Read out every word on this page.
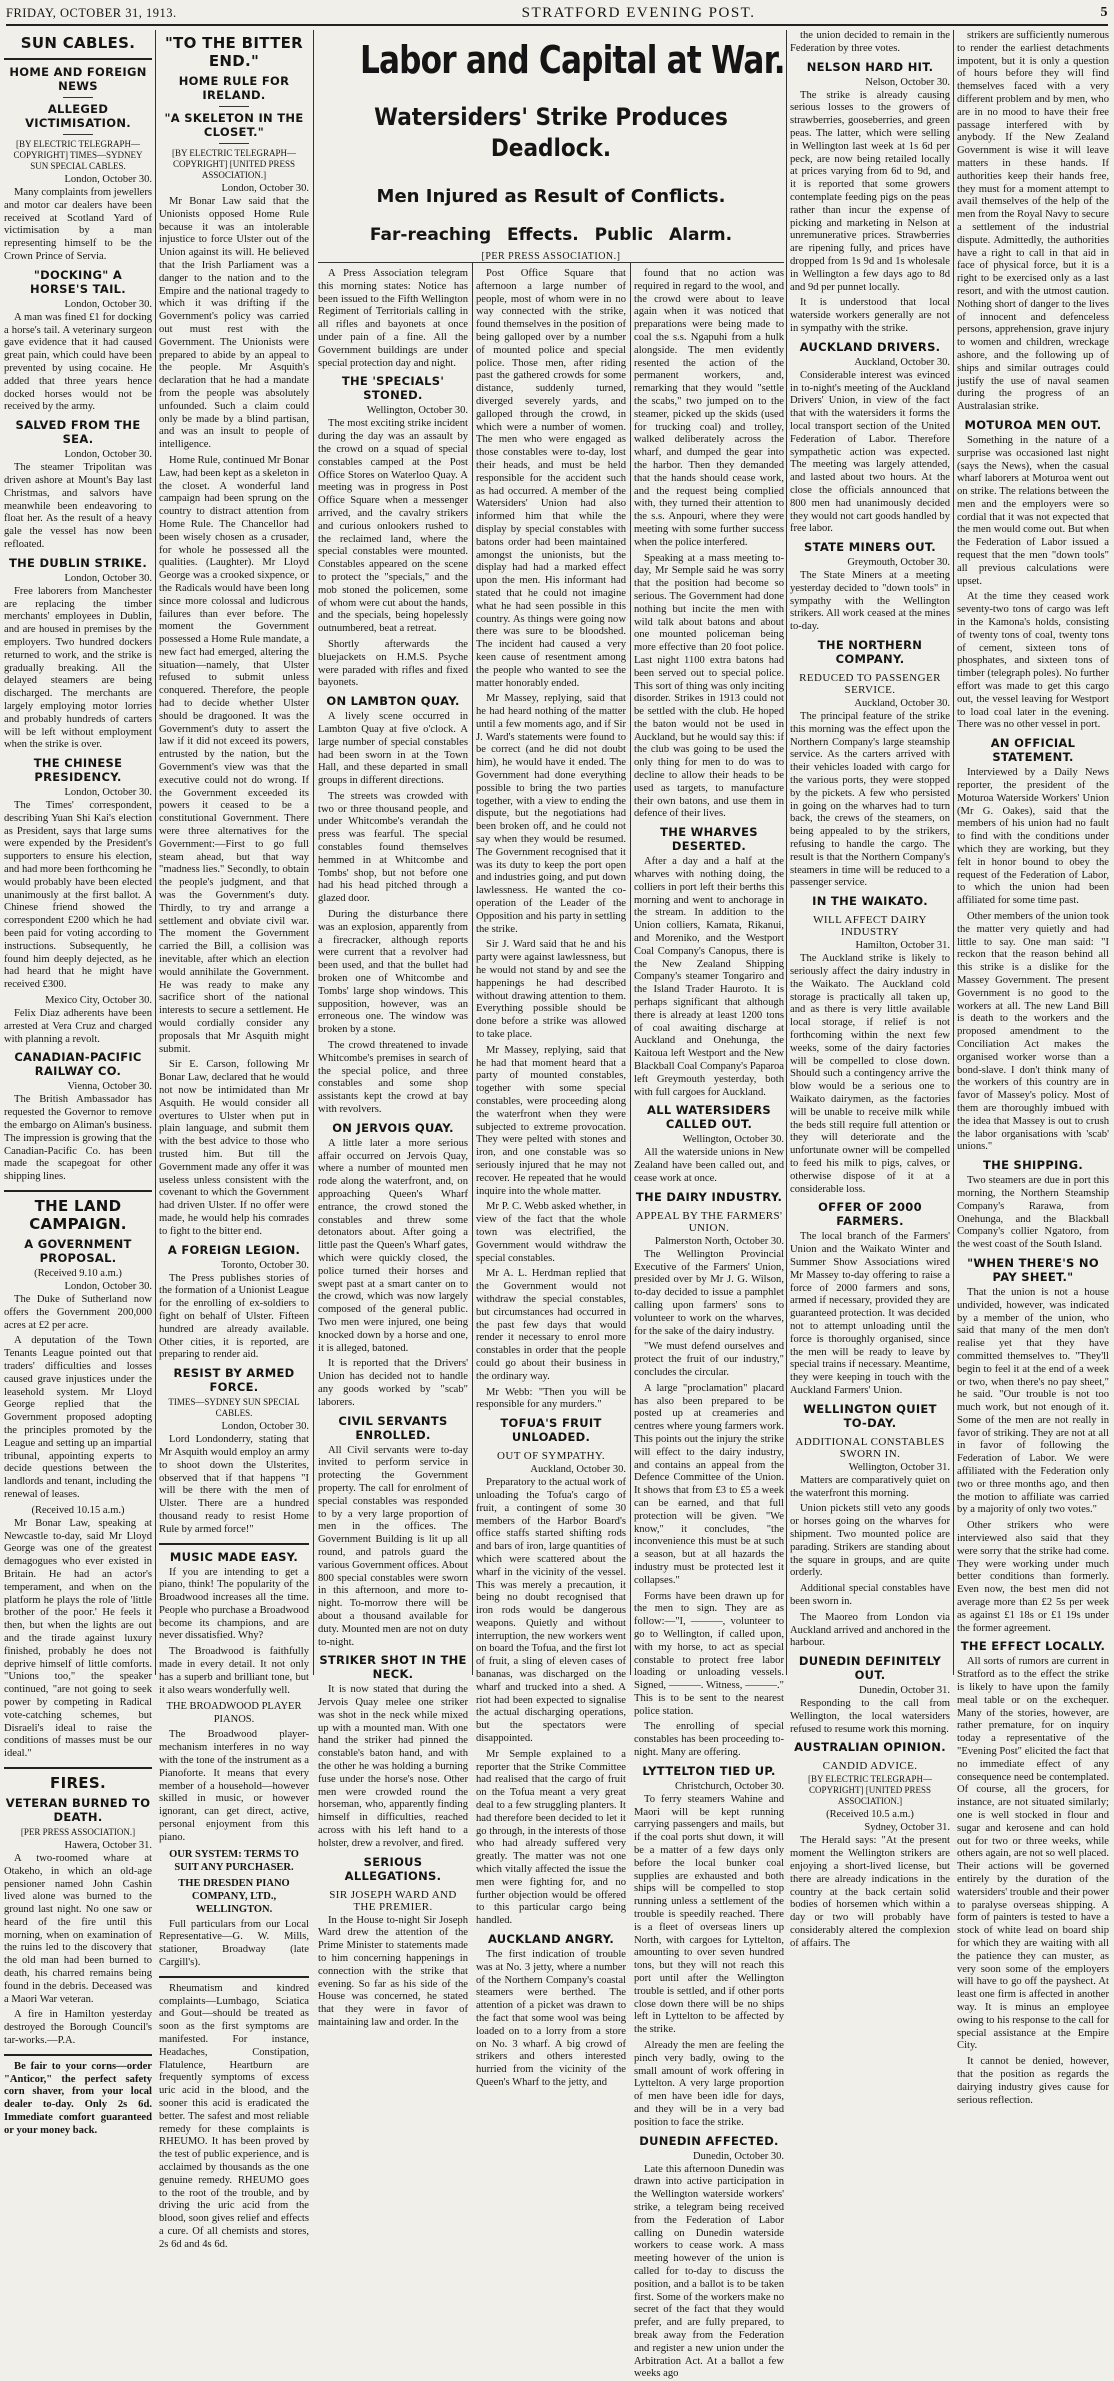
FRIDAY, OCTOBER 31, 1913.	STRATFORD EVENING POST.	5
Labor and Capital at War.
Watersiders' Strike Produces Deadlock.
Men Injured as Result of Conflicts.
Far-reaching Effects. Public Alarm.
[PER PRESS ASSOCIATION.]
SUN CABLES.
HOME AND FOREIGN NEWS
ALLEGED VICTIMISATION.
[BY ELECTRIC TELEGRAPH—COPYRIGHT] TIMES—SYDNEY SUN SPECIAL CABLES.
London, October 30.

Many complaints from jewellers and motor car dealers have been received at Scotland Yard of victimisation by a man representing himself to be the Crown Prince of Servia.

"DOCKING" A HORSE'S TAIL.
London, October 30.

A man was fined £1 for docking a horse's tail. A veterinary surgeon gave evidence that it had caused great pain, which could have been prevented by using cocaine. He added that three years hence docked horses would not be received by the army.

SALVED FROM THE SEA.
London, October 30.

The steamer Tripolitan was driven ashore at Mount's Bay last Christmas, and salvors have meanwhile been endeavoring to float her. As the result of a heavy gale the vessel has now been refloated.

THE DUBLIN STRIKE.
London, October 30.

Free laborers from Manchester are replacing the timber merchants' employees in Dublin, and are housed in premises by the employers. Two hundred dockers returned to work, and the strike is gradually breaking. All the delayed steamers are being discharged. The merchants are largely employing motor lorries and probably hundreds of carters will be left without employment when the strike is over.

THE CHINESE PRESIDENCY.
London, October 30.

The Times' correspondent, describing Yuan Shi Kai's election as President, says that large sums were expended by the President's supporters to ensure his election, and had more been forthcoming he would probably have been elected unanimously at the first ballot. A Chinese friend showed the correspondent £200 which he had been paid for voting according to instructions. Subsequently, he found him deeply dejected, as he had heard that he might have received £300.

Mexico City, October 30.

Felix Diaz adherents have been arrested at Vera Cruz and charged with planning a revolt.

CANADIAN-PACIFIC RAILWAY CO.
Vienna, October 30.

The British Ambassador has requested the Governor to remove the embargo on Aliman's business. The impression is growing that the Canadian-Pacific Co. has been made the scapegoat for other shipping lines.

THE LAND CAMPAIGN.
A GOVERNMENT PROPOSAL.
(Received 9.10 a.m.)
London, October 30.

The Duke of Sutherland now offers the Government 200,000 acres at £2 per acre.

A deputation of the Town Tenants League pointed out that traders' difficulties and losses caused grave injustices under the leasehold system. Mr Lloyd George replied that the Government proposed adopting the principles promoted by the League and setting up an impartial tribunal, appointing experts to decide questions between the landlords and tenant, including the renewal of leases.

(Received 10.15 a.m.)

Mr Bonar Law, speaking at Newcastle to-day, said Mr Lloyd George was one of the greatest demagogues who ever existed in Britain. He had an actor's temperament, and when on the platform he plays the role of 'little brother of the poor.' He feels it then, but when the lights are out and the tirade against luxury finished, probably he does not deprive himself of little comforts. "Unions too," the speaker continued, "are not going to seek power by competing in Radical vote-catching schemes, but Disraeli's ideal to raise the conditions of masses must be our ideal."

FIRES.
VETERAN BURNED TO DEATH.
[PER PRESS ASSOCIATION.]
Hawera, October 31.

A two-roomed whare at Otakeho, in which an old-age pensioner named John Cashin lived alone was burned to the ground last night. No one saw or heard of the fire until this morning, when on examination of the ruins led to the discovery that the old man had been burned to death, his charred remains being found in the debris. Deceased was a Maori War veteran.

A fire in Hamilton yesterday destroyed the Borough Council's tar-works.—P.A.

Be fair to your corns—order "Anticor," the perfect safety corn shaver, from your local dealer to-day. Only 2s 6d. Immediate comfort guaranteed or your money back.

"TO THE BITTER END."
HOME RULE FOR IRELAND.
"A SKELETON IN THE CLOSET."
[BY ELECTRIC TELEGRAPH—COPYRIGHT] [UNITED PRESS ASSOCIATION.]
London, October 30.

Mr Bonar Law said that the Unionists opposed Home Rule because it was an intolerable injustice to force Ulster out of the Union against its will. He believed that the Irish Parliament was a danger to the nation and to the Empire and the national tragedy to which it was drifting if the Government's policy was carried out must rest with the Government. The Unionists were prepared to abide by an appeal to the people. Mr Asquith's declaration that he had a mandate from the people was absolutely unfounded. Such a claim could only be made by a blind partisan, and was an insult to people of intelligence.

Home Rule, continued Mr Bonar Law, had been kept as a skeleton in the closet. A wonderful land campaign had been sprung on the country to distract attention from Home Rule. The Chancellor had been wisely chosen as a crusader, for whole he possessed all the qualities. (Laughter). Mr Lloyd George was a crooked sixpence, or the Radicals would have been long since more colossal and ludicrous failures than ever before. The moment the Government possessed a Home Rule mandate, a new fact had emerged, altering the situation—namely, that Ulster refused to submit unless conquered. Therefore, the people had to decide whether Ulster should be dragooned. It was the Government's duty to assert the law if it did not exceed its powers, entrusted by the nation, but the Government's view was that the executive could not do wrong. If the Government exceeded its powers it ceased to be a constitutional Government. There were three alternatives for the Government:—First to go full steam ahead, but that way "madness lies." Secondly, to obtain the people's judgment, and that was the Government's duty. Thirdly, to try and arrange a settlement and obviate civil war. The moment the Government carried the Bill, a collision was inevitable, after which an election would annihilate the Government. He was ready to make any sacrifice short of the national interests to secure a settlement. He would cordially consider any proposals that Mr Asquith might submit.

Sir E. Carson, following Mr Bonar Law, declared that he would not now be intimidated than Mr Asquith. He would consider all overtures to Ulster when put in plain language, and submit them with the best advice to those who trusted him. But till the Government made any offer it was useless unless consistent with the covenant to which the Government had driven Ulster. If no offer were made, he would help his comrades to fight to the bitter end.

A FOREIGN LEGION.
Toronto, October 30.

The Press publishes stories of the formation of a Unionist League for the enrolling of ex-soldiers to fight on behalf of Ulster. Fifteen hundred are already available. Other cities, it is reported, are preparing to render aid.

RESIST BY ARMED FORCE.
TIMES—SYDNEY SUN SPECIAL CABLES.
London, October 30.

Lord Londonderry, stating that Mr Asquith would employ an army to shoot down the Ulsterites, observed that if that happens "I will be there with the men of Ulster. There are a hundred thousand ready to resist Home Rule by armed force!"

MUSIC MADE EASY.

If you are intending to get a piano, think! The popularity of the Broadwood increases all the time. People who purchase a Broadwood become its champions, and are never dissatisfied. Why?

The Broadwood is faithfully made in every detail. It not only has a superb and brilliant tone, but it also wears wonderfully well.

THE BROADWOOD PLAYER PIANOS.

The Broadwood player-mechanism interferes in no way with the tone of the instrument as a Pianoforte. It means that every member of a household—however skilled in music, or however ignorant, can get direct, active, personal enjoyment from this piano.

OUR SYSTEM: TERMS TO SUIT ANY PURCHASER.
THE DRESDEN PIANO COMPANY, LTD., WELLINGTON.

Full particulars from our Local Representative—G. W. Mills, stationer, Broadway (late Cargill's).

Rheumatism and kindred complaints—Lumbago, Sciatica and Gout—should be treated as soon as the first symptoms are manifested. For instance, Headaches, Constipation, Flatulence, Heartburn are frequently symptoms of excess uric acid in the blood, and the sooner this acid is eradicated the better. The safest and most reliable remedy for these complaints is RHEUMO. It has been proved by the test of public experience, and is acclaimed by thousands as the one genuine remedy. RHEUMO goes to the root of the trouble, and by driving the uric acid from the blood, soon gives relief and effects a cure. Of all chemists and stores, 2s 6d and 4s 6d.

A Press Association telegram this morning states: Notice has been issued to the Fifth Wellington Regiment of Territorials calling in all rifles and bayonets at once under pain of a fine. All the Government buildings are under special protection day and night.

THE 'SPECIALS' STONED.
Wellington, October 30.

The most exciting strike incident during the day was an assault by the crowd on a squad of special constables camped at the Post Office Stores on Waterloo Quay. A meeting was in progress in Post Office Square when a messenger arrived, and the cavalry strikers and curious onlookers rushed to the reclaimed land, where the special constables were mounted. Constables appeared on the scene to protect the "specials," and the mob stoned the policemen, some of whom were cut about the hands, and the specials, being hopelessly outnumbered, beat a retreat.

Shortly afterwards the bluejackets on H.M.S. Psyche were paraded with rifles and fixed bayonets.

ON LAMBTON QUAY.

A lively scene occurred in Lambton Quay at five o'clock. A large number of special constables had been sworn in at the Town Hall, and these departed in small groups in different directions.

The streets was crowded with two or three thousand people, and under Whitcombe's verandah the press was fearful. The special constables found themselves hemmed in at Whitcombe and Tombs' shop, but not before one had his head pitched through a glazed door.

During the disturbance there was an explosion, apparently from a firecracker, although reports were current that a revolver had been used, and that the bullet had broken one of Whitcombe and Tombs' large shop windows. This supposition, however, was an erroneous one. The window was broken by a stone.

The crowd threatened to invade Whitcombe's premises in search of the special police, and three constables and some shop assistants kept the crowd at bay with revolvers.

ON JERVOIS QUAY.

A little later a more serious affair occurred on Jervois Quay, where a number of mounted men rode along the waterfront, and, on approaching Queen's Wharf entrance, the crowd stoned the constables and threw some detonators about. After going a little past the Queen's Wharf gates, which were quickly closed, the police turned their horses and swept past at a smart canter on to the crowd, which was now largely composed of the general public. Two men were injured, one being knocked down by a horse and one, it is alleged, batoned.

It is reported that the Drivers' Union has decided not to handle any goods worked by "scab" laborers.

CIVIL SERVANTS ENROLLED.

All Civil servants were to-day invited to perform service in protecting the Government property. The call for enrolment of special constables was responded to by a very large proportion of men in the offices. The Government Building is lit up all round, and patrols guard the various Government offices. About 800 special constables were sworn in this afternoon, and more to-night. To-morrow there will be about a thousand available for duty. Mounted men are not on duty to-night.

STRIKER SHOT IN THE NECK.

It is now stated that during the Jervois Quay melee one striker was shot in the neck while mixed up with a mounted man. With one hand the striker had pinned the constable's baton hand, and with the other he was holding a burning fuse under the horse's nose. Other men were crowded round the horseman, who, apparently finding himself in difficulties, reached across with his left hand to a holster, drew a revolver, and fired.

SERIOUS ALLEGATIONS.
SIR JOSEPH WARD AND THE PREMIER.

In the House to-night Sir Joseph Ward drew the attention of the Prime Minister to statements made to him concerning happenings in connection with the strike that evening. So far as his side of the House was concerned, he stated that they were in favor of maintaining law and order. In the

Post Office Square that afternoon a large number of people, most of whom were in no way connected with the strike, found themselves in the position of being galloped over by a number of mounted police and special police. Those men, after riding past the gathered crowds for some distance, suddenly turned, diverged severely yards, and galloped through the crowd, in which were a number of women. The men who were engaged as those constables were to-day, lost their heads, and must be held responsible for the accident such as had occurred. A member of the Watersiders' Union had also informed him that while the display by special constables with batons order had been maintained amongst the unionists, but the display had had a marked effect upon the men. His informant had stated that he could not imagine what he had seen possible in this country. As things were going now there was sure to be bloodshed. The incident had caused a very keen cause of resentment among the people who wanted to see the matter honorably ended.

Mr Massey, replying, said that he had heard nothing of the matter until a few moments ago, and if Sir J. Ward's statements were found to be correct (and he did not doubt him), he would have it ended. The Government had done everything possible to bring the two parties together, with a view to ending the dispute, but the negotiations had been broken off, and he could not say when they would be resumed. The Government recognised that it was its duty to keep the port open and industries going, and put down lawlessness. He wanted the co-operation of the Leader of the Opposition and his party in settling the strike.

Sir J. Ward said that he and his party were against lawlessness, but he would not stand by and see the happenings he had described without drawing attention to them. Everything possible should be done before a strike was allowed to take place.

Mr Massey, replying, said that he had that moment heard that a party of mounted constables, together with some special constables, were proceeding along the waterfront when they were subjected to extreme provocation. They were pelted with stones and iron, and one constable was so seriously injured that he may not recover. He repeated that he would inquire into the whole matter.

Mr P. C. Webb asked whether, in view of the fact that the whole town was electrified, the Government would withdraw the special constables.

Mr A. L. Herdman replied that the Government would not withdraw the special constables, but circumstances had occurred in the past few days that would render it necessary to enrol more constables in order that the people could go about their business in the ordinary way.

Mr Webb: "Then you will be responsible for any murders."

TOFUA'S FRUIT UNLOADED.
OUT OF SYMPATHY.
Auckland, October 30.

Preparatory to the actual work of unloading the Tofua's cargo of fruit, a contingent of some 30 members of the Harbor Board's office staffs started shifting rods and bars of iron, large quantities of which were scattered about the wharf in the vicinity of the vessel. This was merely a precaution, it being no doubt recognised that iron rods would be dangerous weapons. Quietly and without interruption, the new workers went on board the Tofua, and the first lot of fruit, a sling of eleven cases of bananas, was discharged on the wharf and trucked into a shed. A riot had been expected to signalise the actual discharging operations, but the spectators were disappointed.

Mr Semple explained to a reporter that the Strike Committee had realised that the cargo of fruit on the Tofua meant a very great deal to a few struggling planters. It had therefore been decided to let it go through, in the interests of those who had already suffered very greatly. The matter was not one which vitally affected the issue the men were fighting for, and no further objection would be offered to this particular cargo being handled.

AUCKLAND ANGRY.

The first indication of trouble was at No. 3 jetty, where a number of the Northern Company's coastal steamers were berthed. The attention of a picket was drawn to the fact that some wool was being loaded on to a lorry from a store on No. 3 wharf. A big crowd of strikers and others interested hurried from the vicinity of the Queen's Wharf to the jetty, and

found that no action was required in regard to the wool, and the crowd were about to leave again when it was noticed that preparations were being made to coal the s.s. Ngapuhi from a hulk alongside. The men evidently resented the action of the permanent workers, and, remarking that they would "settle the scabs," two jumped on to the steamer, picked up the skids (used for trucking coal) and trolley, walked deliberately across the wharf, and dumped the gear into the harbor. Then they demanded that the hands should cease work, and the request being complied with, they turned their attention to the s.s. Anpouri, where they were meeting with some further success when the police interfered.

Speaking at a mass meeting to-day, Mr Semple said he was sorry that the position had become so serious. The Government had done nothing but incite the men with wild talk about batons and about one mounted policeman being more effective than 20 foot police. Last night 1100 extra batons had been served out to special police. This sort of thing was only inciting disorder. Strikes in 1913 could not be settled with the club. He hoped the baton would not be used in Auckland, but he would say this: if the club was going to be used the only thing for men to do was to decline to allow their heads to be used as targets, to manufacture their own batons, and use them in defence of their lives.

THE WHARVES DESERTED.

After a day and a half at the wharves with nothing doing, the colliers in port left their berths this morning and went to anchorage in the stream. In addition to the Union colliers, Kamata, Rikanui, and Moreniko, and the Westport Coal Company's Canopus, there is the New Zealand Shipping Company's steamer Tongariro and the Island Trader Hauroto. It is perhaps significant that although there is already at least 1200 tons of coal awaiting discharge at Auckland and Onehunga, the Kaitoua left Westport and the New Blackball Coal Company's Paparoa left Greymouth yesterday, both with full cargoes for Auckland.

ALL WATERSIDERS CALLED OUT.
Wellington, October 30.

All the waterside unions in New Zealand have been called out, and cease work at once.

THE DAIRY INDUSTRY.
APPEAL BY THE FARMERS' UNION.
Palmerston North, October 30.

The Wellington Provincial Executive of the Farmers' Union, presided over by Mr J. G. Wilson, to-day decided to issue a pamphlet calling upon farmers' sons to volunteer to work on the wharves, for the sake of the dairy industry.

"We must defend ourselves and protect the fruit of our industry," concludes the circular.

A large "proclamation" placard has also been prepared to be posted up at creameries and centres where young farmers work. This points out the injury the strike will effect to the dairy industry, and contains an appeal from the Defence Committee of the Union. It shows that from £3 to £5 a week can be earned, and that full protection will be given. "We know," it concludes, "the inconvenience this must be at such a season, but at all hazards the industry must be protected lest it collapses."

Forms have been drawn up for the men to sign. They are as follow:—"I, ———, volunteer to go to Wellington, if called upon, with my horse, to act as special constable to protect free labor loading or unloading vessels. Signed, ———. Witness, ———." This is to be sent to the nearest police station.

The enrolling of special constables has been proceeding to-night. Many are offering.

LYTTELTON TIED UP.
Christchurch, October 30.

To ferry steamers Wahine and Maori will be kept running carrying passengers and mails, but if the coal ports shut down, it will be a matter of a few days only before the local bunker coal supplies are exhausted and both ships will be compelled to stop running unless a settlement of the trouble is speedily reached. There is a fleet of overseas liners up North, with cargoes for Lyttelton, amounting to over seven hundred tons, but they will not reach this port until after the Wellington trouble is settled, and if other ports close down there will be no ships left in Lyttelton to be affected by the strike.

Already the men are feeling the pinch very badly, owing to the small amount of work offering in Lyttelton. A very large proportion of men have been idle for days, and they will be in a very bad position to face the strike.

DUNEDIN AFFECTED.
Dunedin, October 30.

Late this afternoon Dunedin was drawn into active participation in the Wellington waterside workers' strike, a telegram being received from the Federation of Labor calling on Dunedin waterside workers to cease work. A mass meeting however of the union is called for to-day to discuss the position, and a ballot is to be taken first. Some of the workers make no secret of the fact that they would prefer, and are fully prepared, to break away from the Federation and register a new union under the Arbitration Act. At a ballot a few weeks ago

the union decided to remain in the Federation by three votes.

NELSON HARD HIT.
Nelson, October 30.

The strike is already causing serious losses to the growers of strawberries, gooseberries, and green peas. The latter, which were selling in Wellington last week at 1s 6d per peck, are now being retailed locally at prices varying from 6d to 9d, and it is reported that some growers contemplate feeding pigs on the peas rather than incur the expense of picking and marketing in Nelson at unremunerative prices. Strawberries are ripening fully, and prices have dropped from 1s 9d and 1s wholesale in Wellington a few days ago to 8d and 9d per punnet locally.

It is understood that local waterside workers generally are not in sympathy with the strike.

AUCKLAND DRIVERS.
Auckland, October 30.

Considerable interest was evinced in to-night's meeting of the Auckland Drivers' Union, in view of the fact that with the watersiders it forms the local transport section of the United Federation of Labor. Therefore sympathetic action was expected. The meeting was largely attended, and lasted about two hours. At the close the officials announced that 800 men had unanimously decided they would not cart goods handled by free labor.

STATE MINERS OUT.
Greymouth, October 30.

The State Miners at a meeting yesterday decided to "down tools" in sympathy with the Wellington strikers. All work ceased at the mines to-day.

THE NORTHERN COMPANY.
REDUCED TO PASSENGER SERVICE.
Auckland, October 30.

The principal feature of the strike this morning was the effect upon the Northern Company's large steamship service. As the carters arrived with their vehicles loaded with cargo for the various ports, they were stopped by the pickets. A few who persisted in going on the wharves had to turn back, the crews of the steamers, on being appealed to by the strikers, refusing to handle the cargo. The result is that the Northern Company's steamers in time will be reduced to a passenger service.

IN THE WAIKATO.
WILL AFFECT DAIRY INDUSTRY
Hamilton, October 31.

The Auckland strike is likely to seriously affect the dairy industry in the Waikato. The Auckland cold storage is practically all taken up, and as there is very little available local storage, if relief is not forthcoming within the next few weeks, some of the dairy factories will be compelled to close down. Should such a contingency arrive the blow would be a serious one to Waikato dairymen, as the factories will be unable to receive milk while the beds still require full attention or they will deteriorate and the unfortunate owner will be compelled to feed his milk to pigs, calves, or otherwise dispose of it at a considerable loss.

OFFER OF 2000 FARMERS.

The local branch of the Farmers' Union and the Waikato Winter and Summer Show Associations wired Mr Massey to-day offering to raise a force of 2000 farmers and sons, armed if necessary, provided they are guaranteed protection. It was decided not to attempt unloading until the force is thoroughly organised, since the men will be ready to leave by special trains if necessary. Meantime, they were keeping in touch with the Auckland Farmers' Union.

WELLINGTON QUIET TO-DAY.
ADDITIONAL CONSTABLES SWORN IN.
Wellington, October 31.

Matters are comparatively quiet on the waterfront this morning.

Union pickets still veto any goods or horses going on the wharves for shipment. Two mounted police are parading. Strikers are standing about the square in groups, and are quite orderly.

Additional special constables have been sworn in.

The Maoreo from London via Auckland arrived and anchored in the harbour.

DUNEDIN DEFINITELY OUT.
Dunedin, October 31.

Responding to the call from Wellington, the local watersiders refused to resume work this morning.

AUSTRALIAN OPINION.
CANDID ADVICE.
[BY ELECTRIC TELEGRAPH—COPYRIGHT] [UNITED PRESS ASSOCIATION.]
(Received 10.5 a.m.)
Sydney, October 31.

The Herald says: "At the present moment the Wellington strikers are enjoying a short-lived license, but there are already indications in the country at the back certain solid bodies of horsemen which within a day or two will probably have considerably altered the complexion of affairs. The

strikers are sufficiently numerous to render the earliest detachments impotent, but it is only a question of hours before they will find themselves faced with a very different problem and by men, who are in no mood to have their free passage interfered with by anybody. If the New Zealand Government is wise it will leave matters in these hands. If authorities keep their hands free, they must for a moment attempt to avail themselves of the help of the men from the Royal Navy to secure a settlement of the industrial dispute. Admittedly, the authorities have a right to call in that aid in face of physical force, but it is a right to be exercised only as a last resort, and with the utmost caution. Nothing short of danger to the lives of innocent and defenceless persons, apprehension, grave injury to women and children, wreckage ashore, and the following up of ships and similar outrages could justify the use of naval seamen during the progress of an Australasian strike.

MOTUROA MEN OUT.

Something in the nature of a surprise was occasioned last night (says the News), when the casual wharf laborers at Moturoa went out on strike. The relations between the men and the employers were so cordial that it was not expected that the men would come out. But when the Federation of Labor issued a request that the men "down tools" all previous calculations were upset.

At the time they ceased work seventy-two tons of cargo was left in the Kamona's holds, consisting of twenty tons of coal, twenty tons of cement, sixteen tons of phosphates, and sixteen tons of timber (telegraph poles). No further effort was made to get this cargo out, the vessel leaving for Westport to load coal later in the evening. There was no other vessel in port.

AN OFFICIAL STATEMENT.

Interviewed by a Daily News reporter, the president of the Moturoa Waterside Workers' Union (Mr G. Oakes), said that the members of his union had no fault to find with the conditions under which they are working, but they felt in honor bound to obey the request of the Federation of Labor, to which the union had been affiliated for some time past.

Other members of the union took the matter very quietly and had little to say. One man said: "I reckon that the reason behind all this strike is a dislike for the Massey Government. The present Government is no good to the workers at all. The new Land Bill is death to the workers and the proposed amendment to the Conciliation Act makes the organised worker worse than a bond-slave. I don't think many of the workers of this country are in favor of Massey's policy. Most of them are thoroughly imbued with the idea that Massey is out to crush the labor organisations with 'scab' unions."

THE SHIPPING.

Two steamers are due in port this morning, the Northern Steamship Company's Rarawa, from Onehunga, and the Blackball Company's collier Ngatoro, from the west coast of the South Island.

"WHEN THERE'S NO PAY SHEET."

That the union is not a house undivided, however, was indicated by a member of the union, who said that many of the men don't realise yet that they have committed themselves to. "They'll begin to feel it at the end of a week or two, when there's no pay sheet," he said. "Our trouble is not too much work, but not enough of it. Some of the men are not really in favor of striking. They are not at all in favor of following the Federation of Labor. We were affiliated with the Federation only two or three months ago, and then the motion to affiliate was carried by a majority of only two votes."

Other strikers who were interviewed also said that they were sorry that the strike had come. They were working under much better conditions than formerly. Even now, the best men did not average more than £2 5s per week as against £1 18s or £1 19s under the former agreement.

THE EFFECT LOCALLY.

All sorts of rumors are current in Stratford as to the effect the strike is likely to have upon the family meal table or on the exchequer. Many of the stories, however, are rather premature, for on inquiry today a representative of the "Evening Post" elicited the fact that no immediate effect of any consequence need be contemplated. Of course, all the grocers, for instance, are not situated similarly; one is well stocked in flour and sugar and kerosene and can hold out for two or three weeks, while others again, are not so well placed. Their actions will be governed entirely by the duration of the watersiders' trouble and their power to paralyse overseas shipping. A form of painters is tested to have a stock of white lead on board ship for which they are waiting with all the patience they can muster, as very soon some of the employers will have to go off the payshect. At least one firm is affected in another way. It is minus an employee owing to his response to the call for special assistance at the Empire City.

It cannot be denied, however, that the position as regards the dairying industry gives cause for serious reflection.
